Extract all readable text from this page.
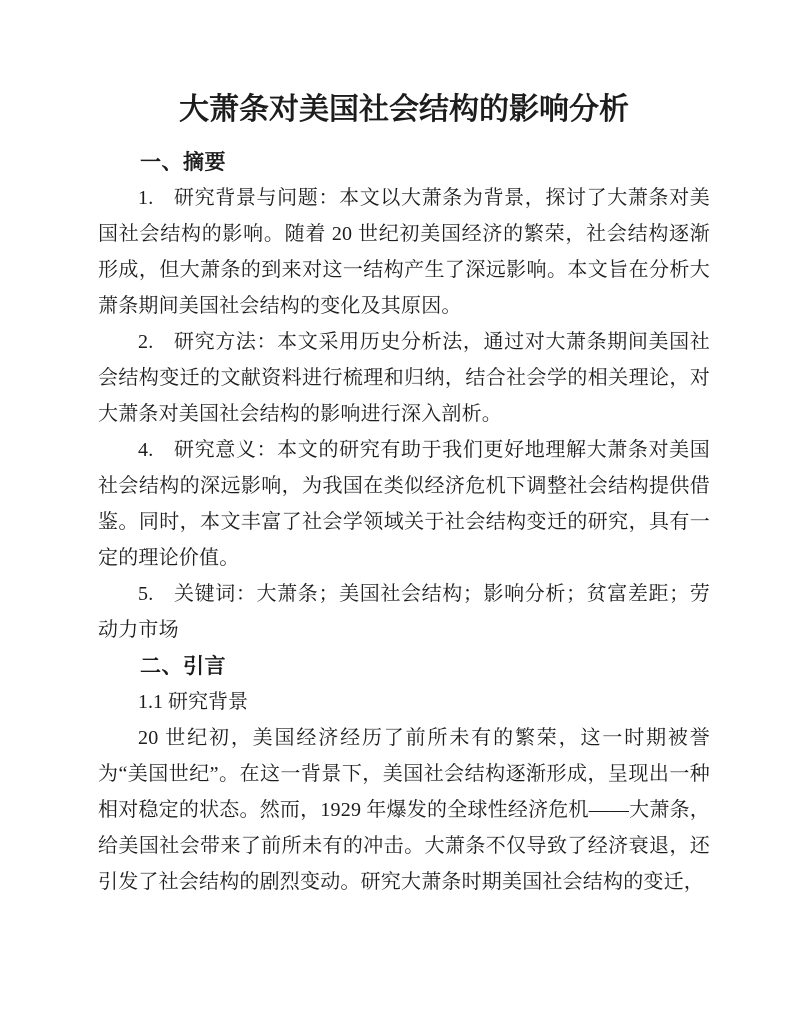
大萧条对美国社会结构的影响分析
一、摘要

1. 研究背景与问题：本文以大萧条为背景，探讨了大萧条对美国社会结构的影响。随着 20 世纪初美国经济的繁荣，社会结构逐渐形成，但大萧条的到来对这一结构产生了深远影响。本文旨在分析大萧条期间美国社会结构的变化及其原因。

2. 研究方法：本文采用历史分析法，通过对大萧条期间美国社会结构变迁的文献资料进行梳理和归纳，结合社会学的相关理论，对大萧条对美国社会结构的影响进行深入剖析。

4. 研究意义：本文的研究有助于我们更好地理解大萧条对美国社会结构的深远影响，为我国在类似经济危机下调整社会结构提供借鉴。同时，本文丰富了社会学领域关于社会结构变迁的研究，具有一定的理论价值。

5. 关键词：大萧条；美国社会结构；影响分析；贫富差距；劳动力市场

二、引言

1.1 研究背景

20 世纪初，美国经济经历了前所未有的繁荣，这一时期被誉为“美国世纪”。在这一背景下，美国社会结构逐渐形成，呈现出一种相对稳定的状态。然而，1929 年爆发的全球性经济危机——大萧条，给美国社会带来了前所未有的冲击。大萧条不仅导致了经济衰退，还引发了社会结构的剧烈变动。研究大萧条时期美国社会结构的变迁，
